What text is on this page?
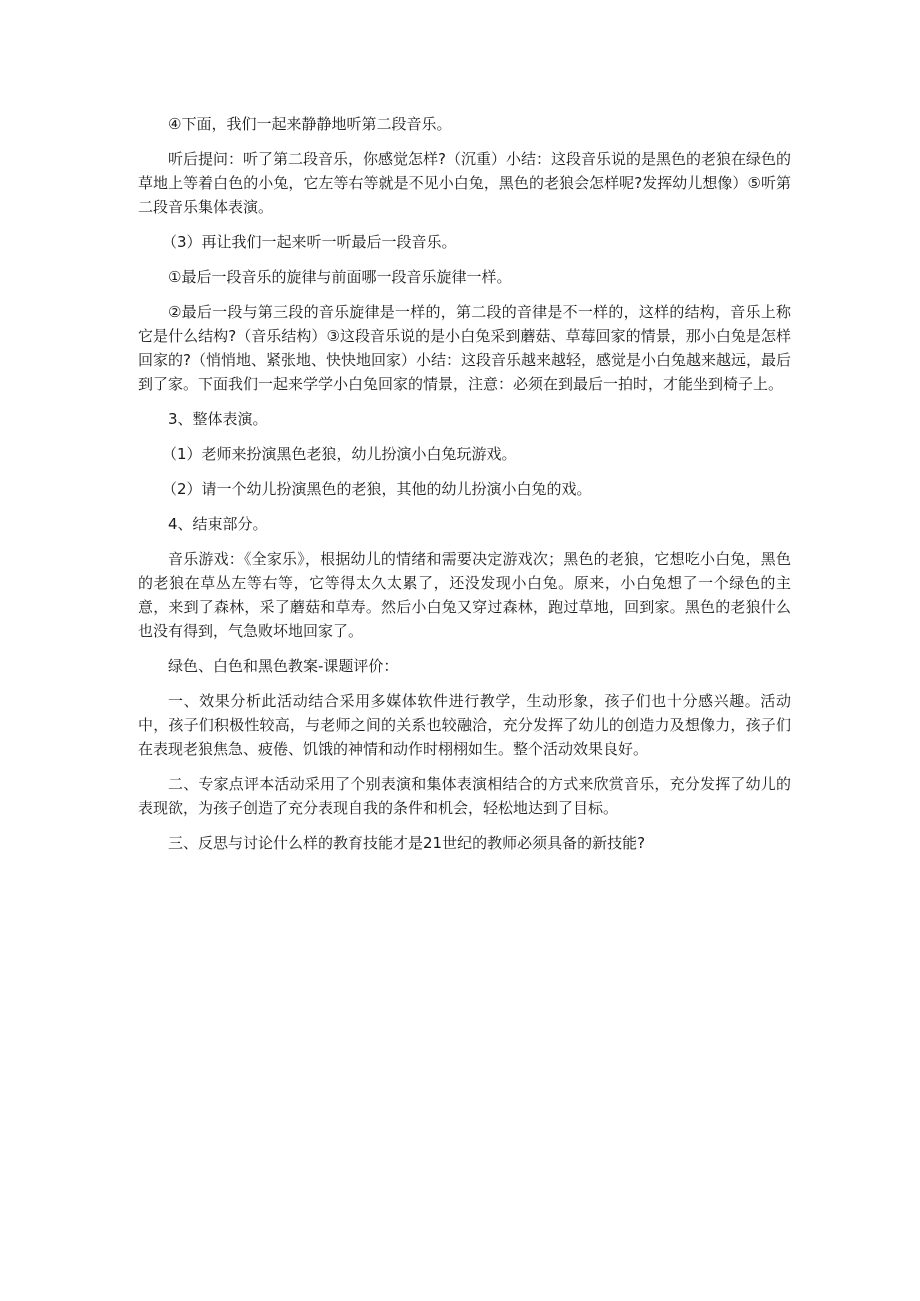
④下面，我们一起来静静地听第二段音乐。

听后提问：听了第二段音乐，你感觉怎样?（沉重）小结：这段音乐说的是黑色的老狼在绿色的草地上等着白色的小兔，它左等右等就是不见小白兔，黑色的老狼会怎样呢?发挥幼儿想像）⑤听第二段音乐集体表演。

（3）再让我们一起来听一听最后一段音乐。

①最后一段音乐的旋律与前面哪一段音乐旋律一样。

②最后一段与第三段的音乐旋律是一样的，第二段的音律是不一样的，这样的结构，音乐上称它是什么结构?（音乐结构）③这段音乐说的是小白兔采到蘑菇、草莓回家的情景，那小白兔是怎样回家的?（悄悄地、紧张地、快快地回家）小结：这段音乐越来越轻，感觉是小白兔越来越远，最后到了家。下面我们一起来学学小白兔回家的情景，注意：必须在到最后一拍时，才能坐到椅子上。

3、整体表演。

（1）老师来扮演黑色老狼，幼儿扮演小白兔玩游戏。

（2）请一个幼儿扮演黑色的老狼，其他的幼儿扮演小白兔的戏。

4、结束部分。

音乐游戏：《全家乐》，根据幼儿的情绪和需要决定游戏次；黑色的老狼，它想吃小白兔，黑色的老狼在草丛左等右等，它等得太久太累了，还没发现小白兔。原来，小白兔想了一个绿色的主意，来到了森林，采了蘑菇和草寿。然后小白兔又穿过森林，跑过草地，回到家。黑色的老狼什么也没有得到，气急败坏地回家了。

绿色、白色和黑色教案-课题评价：

一、效果分析此活动结合采用多媒体软件进行教学，生动形象，孩子们也十分感兴趣。活动中，孩子们积极性较高，与老师之间的关系也较融洽，充分发挥了幼儿的创造力及想像力，孩子们在表现老狼焦急、疲倦、饥饿的神情和动作时栩栩如生。整个活动效果良好。

二、专家点评本活动采用了个别表演和集体表演相结合的方式来欣赏音乐，充分发挥了幼儿的表现欲，为孩子创造了充分表现自我的条件和机会，轻松地达到了目标。

三、反思与讨论什么样的教育技能才是21世纪的教师必须具备的新技能?
